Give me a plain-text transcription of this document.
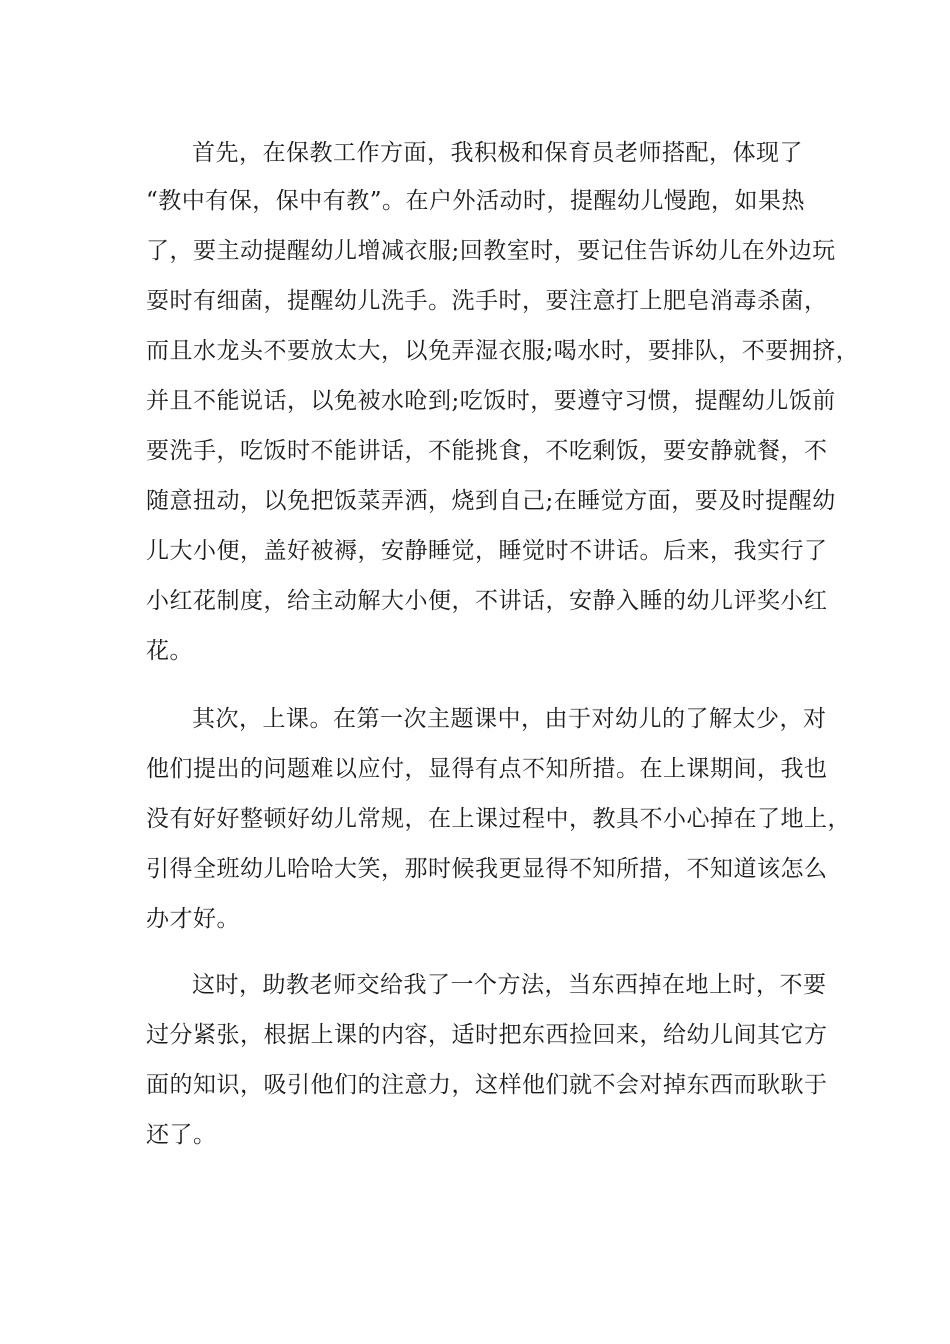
首先，在保教工作方面，我积极和保育员老师搭配，体现了
“教中有保，保中有教”。在户外活动时，提醒幼儿慢跑，如果热
了，要主动提醒幼儿增减衣服;回教室时，要记住告诉幼儿在外边玩
耍时有细菌，提醒幼儿洗手。洗手时，要注意打上肥皂消毒杀菌，
而且水龙头不要放太大，以免弄湿衣服;喝水时，要排队，不要拥挤，
并且不能说话，以免被水呛到;吃饭时，要遵守习惯，提醒幼儿饭前
要洗手，吃饭时不能讲话，不能挑食，不吃剩饭，要安静就餐，不
随意扭动，以免把饭菜弄洒，烧到自己;在睡觉方面，要及时提醒幼
儿大小便，盖好被褥，安静睡觉，睡觉时不讲话。后来，我实行了
小红花制度，给主动解大小便，不讲话，安静入睡的幼儿评奖小红
花。
其次，上课。在第一次主题课中，由于对幼儿的了解太少，对
他们提出的问题难以应付，显得有点不知所措。在上课期间，我也
没有好好整顿好幼儿常规，在上课过程中，教具不小心掉在了地上，
引得全班幼儿哈哈大笑，那时候我更显得不知所措，不知道该怎么
办才好。
这时，助教老师交给我了一个方法，当东西掉在地上时，不要
过分紧张，根据上课的内容，适时把东西捡回来，给幼儿间其它方
面的知识，吸引他们的注意力，这样他们就不会对掉东西而耿耿于
还了。
